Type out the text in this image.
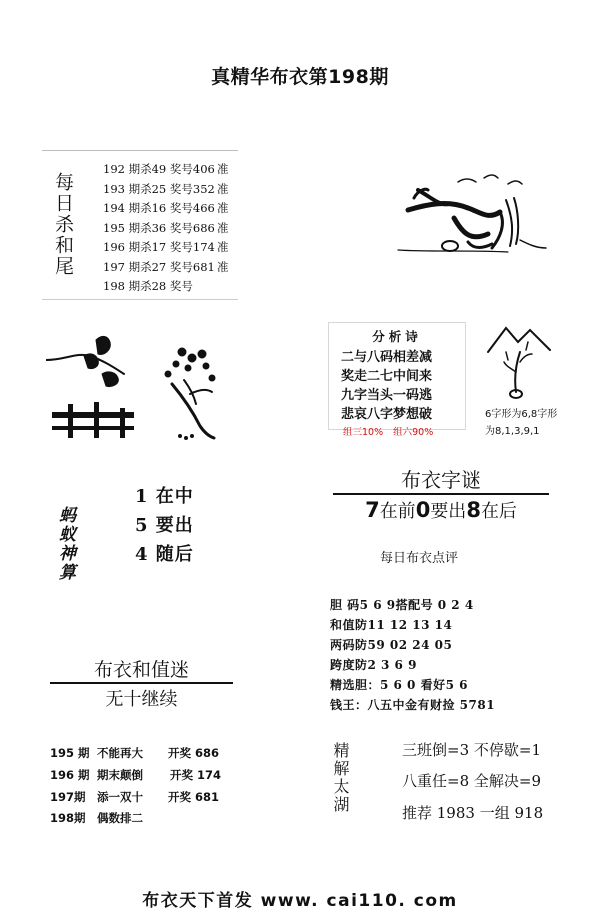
真精华布衣第198期
每日杀和尾
192 期杀49 奖号406 准
193 期杀25 奖号352 准
194 期杀16 奖号466 准
195 期杀36 奖号686 准
196 期杀17 奖号174 准
197 期杀27 奖号681 准
198 期杀28 奖号
分析诗
二与八码相差减
奖走二七中间来
九字当头一码逃
悲哀八字梦想破
组三10% 组六90%
6字形为6,8字形
为8,1,3,9,1
布衣字谜
7在前0要出8在后
蚂蚁神算
1 在中
5 要出
4 随后	每日布衣点评
胆 码5 6 9搭配号 0 2 4
和值防11 12 13 14
两码防59 02 24 05
跨度防2 3 6 9
精选胆：5 6 0 看好5 6
钱王：八五中金有财捡 5781
布衣和值迷
无十继续
195 期 不能再大 开奖 686
196 期 期末颠倒 开奖 174
197期 添一双十 开奖 681
198期 偶数排二
精解太湖	三班倒=3 不停歇=1
八重任=8 全解决=9
推荐 1983 一组 918
布衣天下首发 www. cai110. com
